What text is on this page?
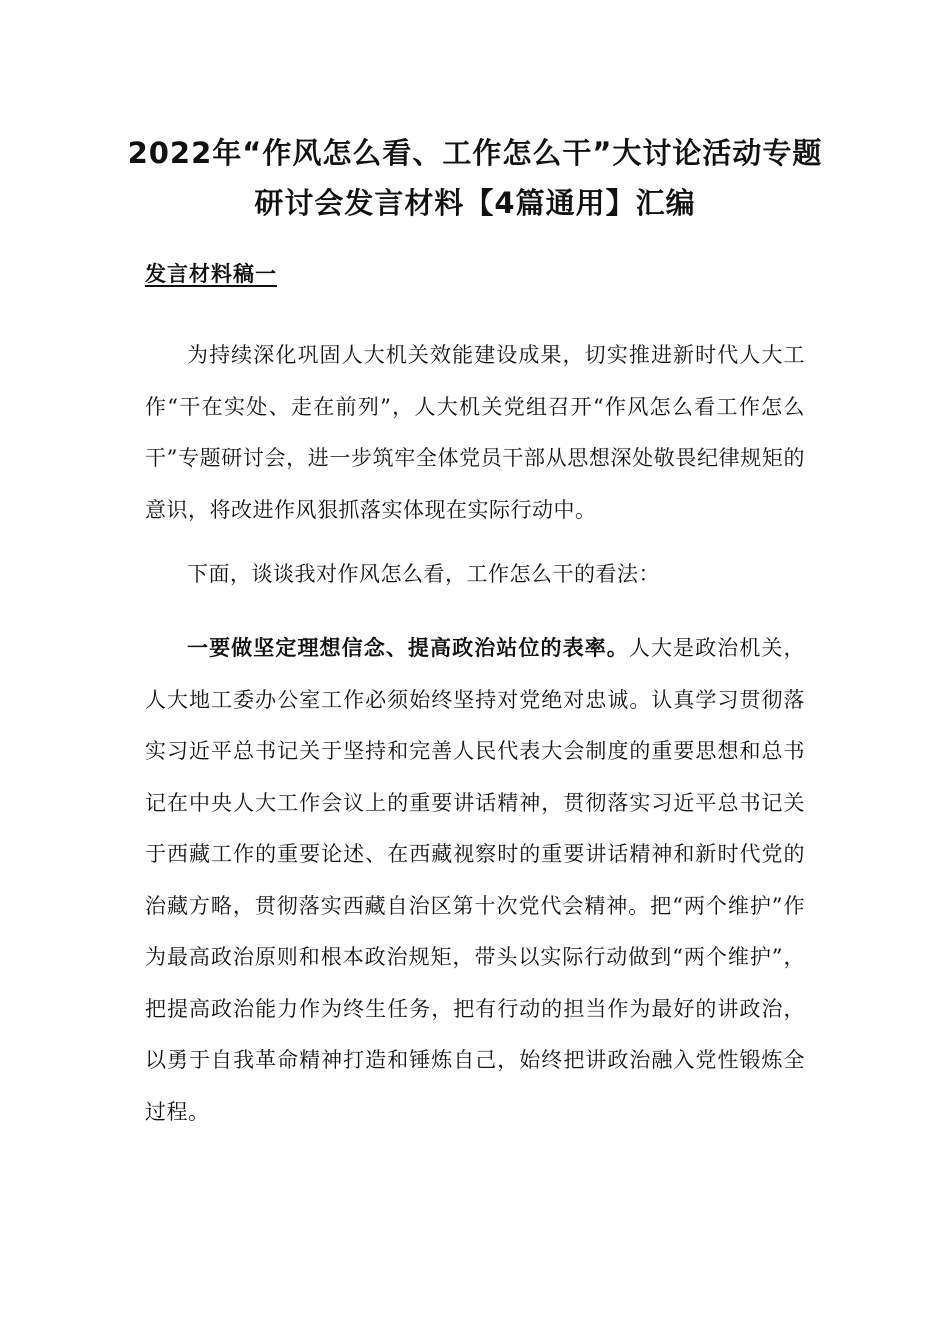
2022年“作风怎么看、工作怎么干”大讨论活动专题研讨会发言材料【4篇通用】汇编
发言材料稿一

为持续深化巩固人大机关效能建设成果，切实推进新时代人大工作“干在实处、走在前列”，人大机关党组召开“作风怎么看工作怎么干”专题研讨会，进一步筑牢全体党员干部从思想深处敬畏纪律规矩的意识，将改进作风狠抓落实体现在实际行动中。

下面，谈谈我对作风怎么看，工作怎么干的看法：

一要做坚定理想信念、提高政治站位的表率。人大是政治机关，人大地工委办公室工作必须始终坚持对党绝对忠诚。认真学习贯彻落实习近平总书记关于坚持和完善人民代表大会制度的重要思想和总书记在中央人大工作会议上的重要讲话精神，贯彻落实习近平总书记关于西藏工作的重要论述、在西藏视察时的重要讲话精神和新时代党的治藏方略，贯彻落实西藏自治区第十次党代会精神。把“两个维护”作为最高政治原则和根本政治规矩，带头以实际行动做到“两个维护”，把提高政治能力作为终生任务，把有行动的担当作为最好的讲政治，以勇于自我革命精神打造和锤炼自己，始终把讲政治融入党性锻炼全过程。
